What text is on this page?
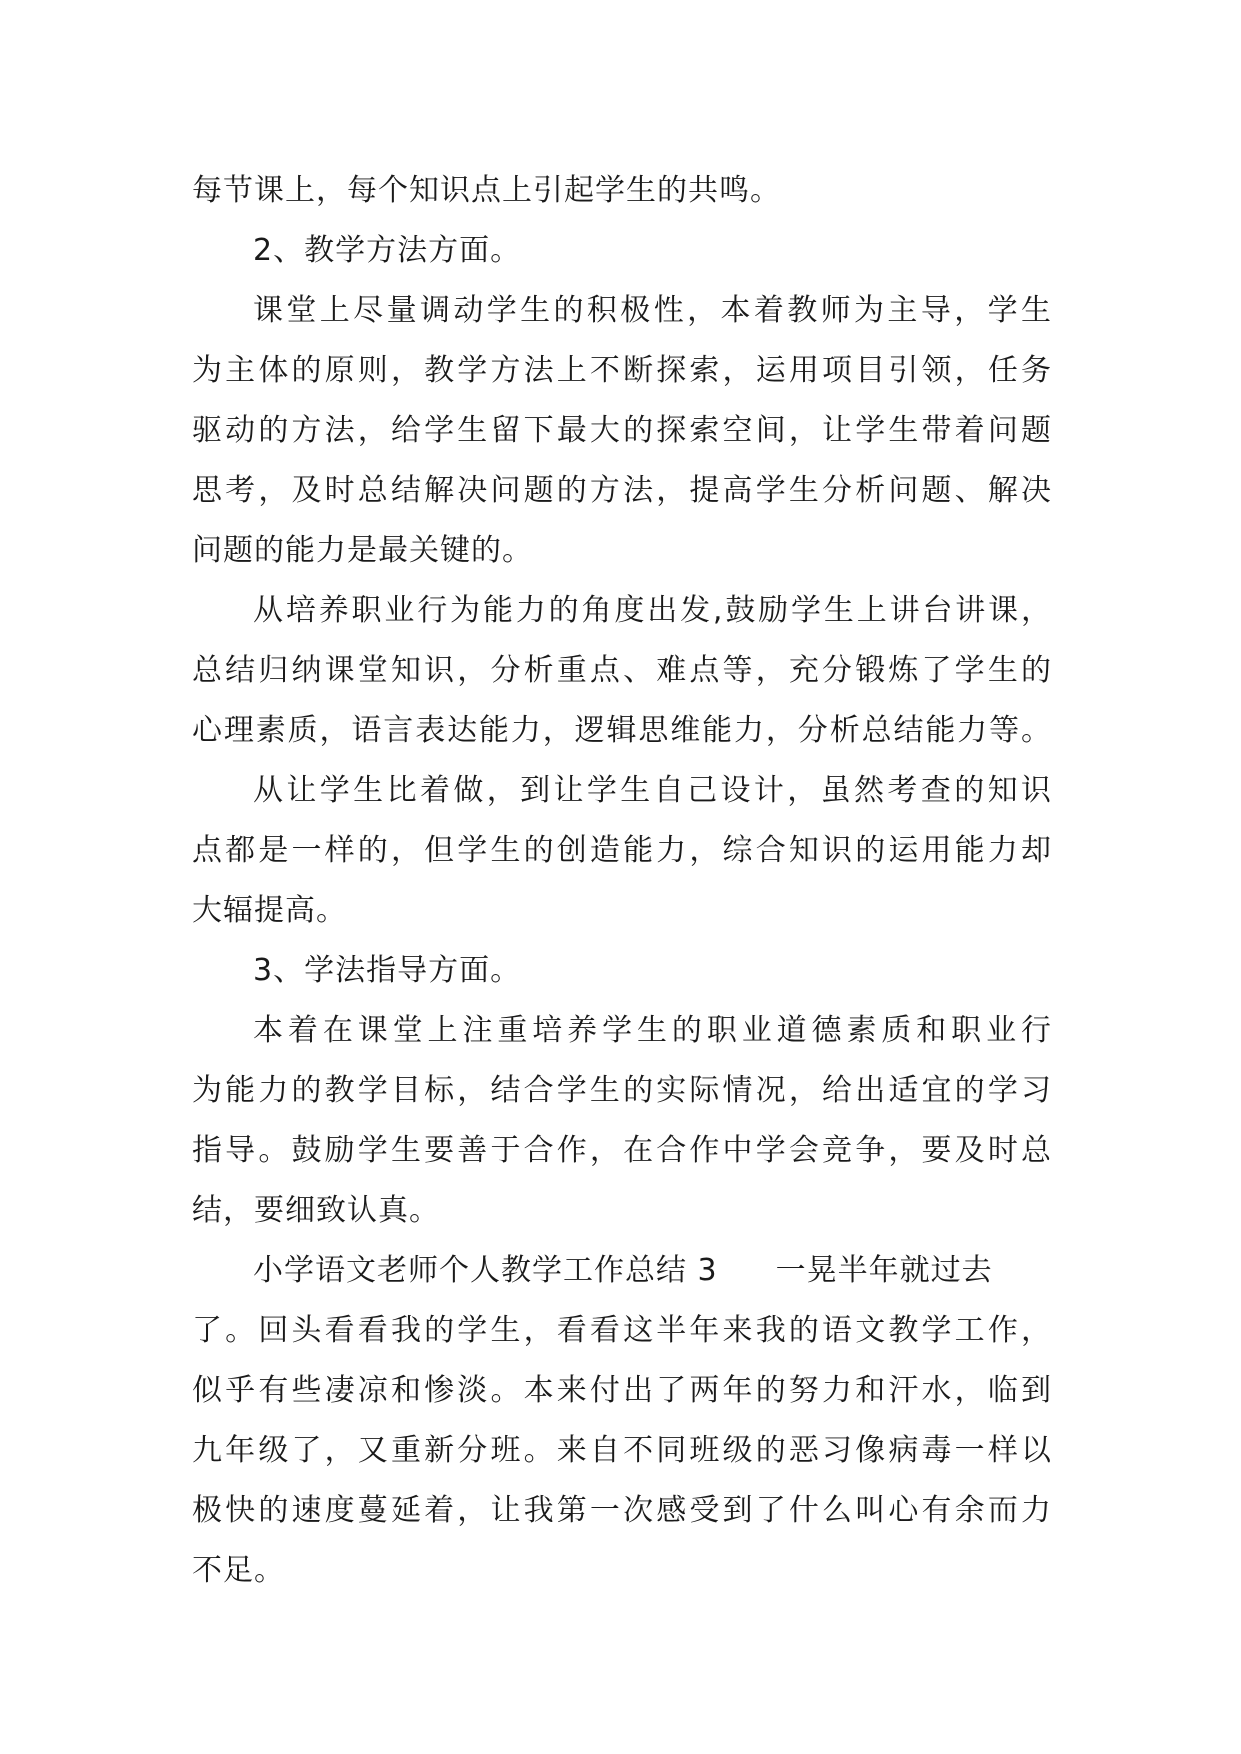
每节课上，每个知识点上引起学生的共鸣。
2、教学方法方面。
课堂上尽量调动学生的积极性，本着教师为主导，学生
为主体的原则，教学方法上不断探索，运用项目引领，任务
驱动的方法，给学生留下最大的探索空间，让学生带着问题
思考，及时总结解决问题的方法，提高学生分析问题、解决
问题的能力是最关键的。
从培养职业行为能力的角度出发,鼓励学生上讲台讲课，
总结归纳课堂知识，分析重点、难点等，充分锻炼了学生的
心理素质，语言表达能力，逻辑思维能力，分析总结能力等。
从让学生比着做，到让学生自己设计，虽然考查的知识
点都是一样的，但学生的创造能力，综合知识的运用能力却
大辐提高。
3、学法指导方面。
本着在课堂上注重培养学生的职业道德素质和职业行
为能力的教学目标，结合学生的实际情况，给出适宜的学习
指导。鼓励学生要善于合作，在合作中学会竞争，要及时总
结，要细致认真。
小学语文老师个人教学工作总结 3 一晃半年就过去
了。回头看看我的学生，看看这半年来我的语文教学工作，
似乎有些凄凉和惨淡。本来付出了两年的努力和汗水，临到
九年级了，又重新分班。来自不同班级的恶习像病毒一样以
极快的速度蔓延着，让我第一次感受到了什么叫心有余而力
不足。
